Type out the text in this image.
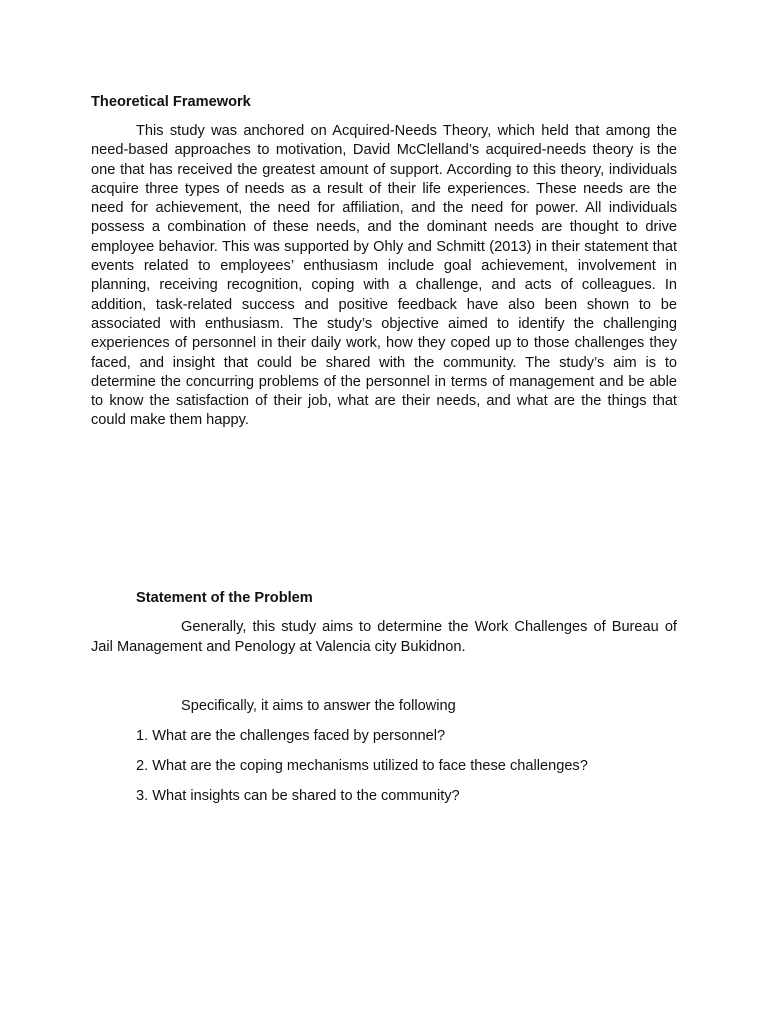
Theoretical Framework

This study was anchored on Acquired-Needs Theory, which held that among the need-based approaches to motivation, David McClelland’s acquired-needs theory is the one that has received the greatest amount of support. According to this theory, individuals acquire three types of needs as a result of their life experiences. These needs are the need for achievement, the need for affiliation, and the need for power. All individuals possess a combination of these needs, and the dominant needs are thought to drive employee behavior. This was supported by Ohly and Schmitt (2013) in their statement that events related to employees’ enthusiasm include goal achievement, involvement in planning, receiving recognition, coping with a challenge, and acts of colleagues. In addition, task-related success and positive feedback have also been shown to be associated with enthusiasm. The study’s objective aimed to identify the challenging experiences of personnel in their daily work, how they coped up to those challenges they faced, and insight that could be shared with the community. The study’s aim is to determine the concurring problems of the personnel in terms of management and be able to know the satisfaction of their job, what are their needs, and what are the things that could make them happy.

Statement of the Problem

Generally, this study aims to determine the Work Challenges of Bureau of Jail Management and Penology at Valencia city Bukidnon.

Specifically, it aims to answer the following

1. What are the challenges faced by personnel?
2. What are the coping mechanisms utilized to face these challenges?
3. What insights can be shared to the community?
